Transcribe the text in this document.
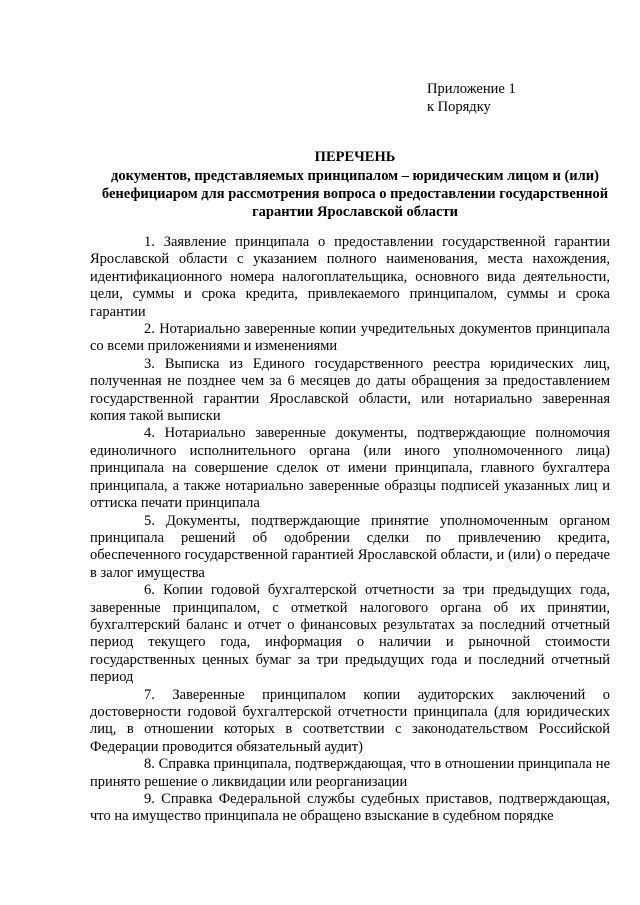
Приложение 1
к Порядку
ПЕРЕЧЕНЬ
документов, представляемых принципалом – юридическим лицом и (или) бенефициаром для рассмотрения вопроса о предоставлении государственной гарантии Ярославской области

1. Заявление принципала о предоставлении государственной гарантии Ярославской области с указанием полного наименования, места нахождения, идентификационного номера налогоплательщика, основного вида деятельности, цели, суммы и срока кредита, привлекаемого принципалом, суммы и срока гарантии

2. Нотариально заверенные копии учредительных документов принципала со всеми приложениями и изменениями

3. Выписка из Единого государственного реестра юридических лиц, полученная не позднее чем за 6 месяцев до даты обращения за предоставлением государственной гарантии Ярославской области, или нотариально заверенная копия такой выписки

4. Нотариально заверенные документы, подтверждающие полномочия единоличного исполнительного органа (или иного уполномоченного лица) принципала на совершение сделок от имени принципала, главного бухгалтера принципала, а также нотариально заверенные образцы подписей указанных лиц и оттиска печати принципала

5. Документы, подтверждающие принятие уполномоченным органом принципала решений об одобрении сделки по привлечению кредита, обеспеченного государственной гарантией Ярославской области, и (или) о передаче в залог имущества

6. Копии годовой бухгалтерской отчетности за три предыдущих года, заверенные принципалом, с отметкой налогового органа об их принятии, бухгалтерский баланс и отчет о финансовых результатах за последний отчетный период текущего года, информация о наличии и рыночной стоимости государственных ценных бумаг за три предыдущих года и последний отчетный период

7. Заверенные принципалом копии аудиторских заключений о достоверности годовой бухгалтерской отчетности принципала (для юридических лиц, в отношении которых в соответствии с законодательством Российской Федерации проводится обязательный аудит)

8. Справка принципала, подтверждающая, что в отношении принципала не принято решение о ликвидации или реорганизации

9. Справка Федеральной службы судебных приставов, подтверждающая, что на имущество принципала не обращено взыскание в судебном порядке
